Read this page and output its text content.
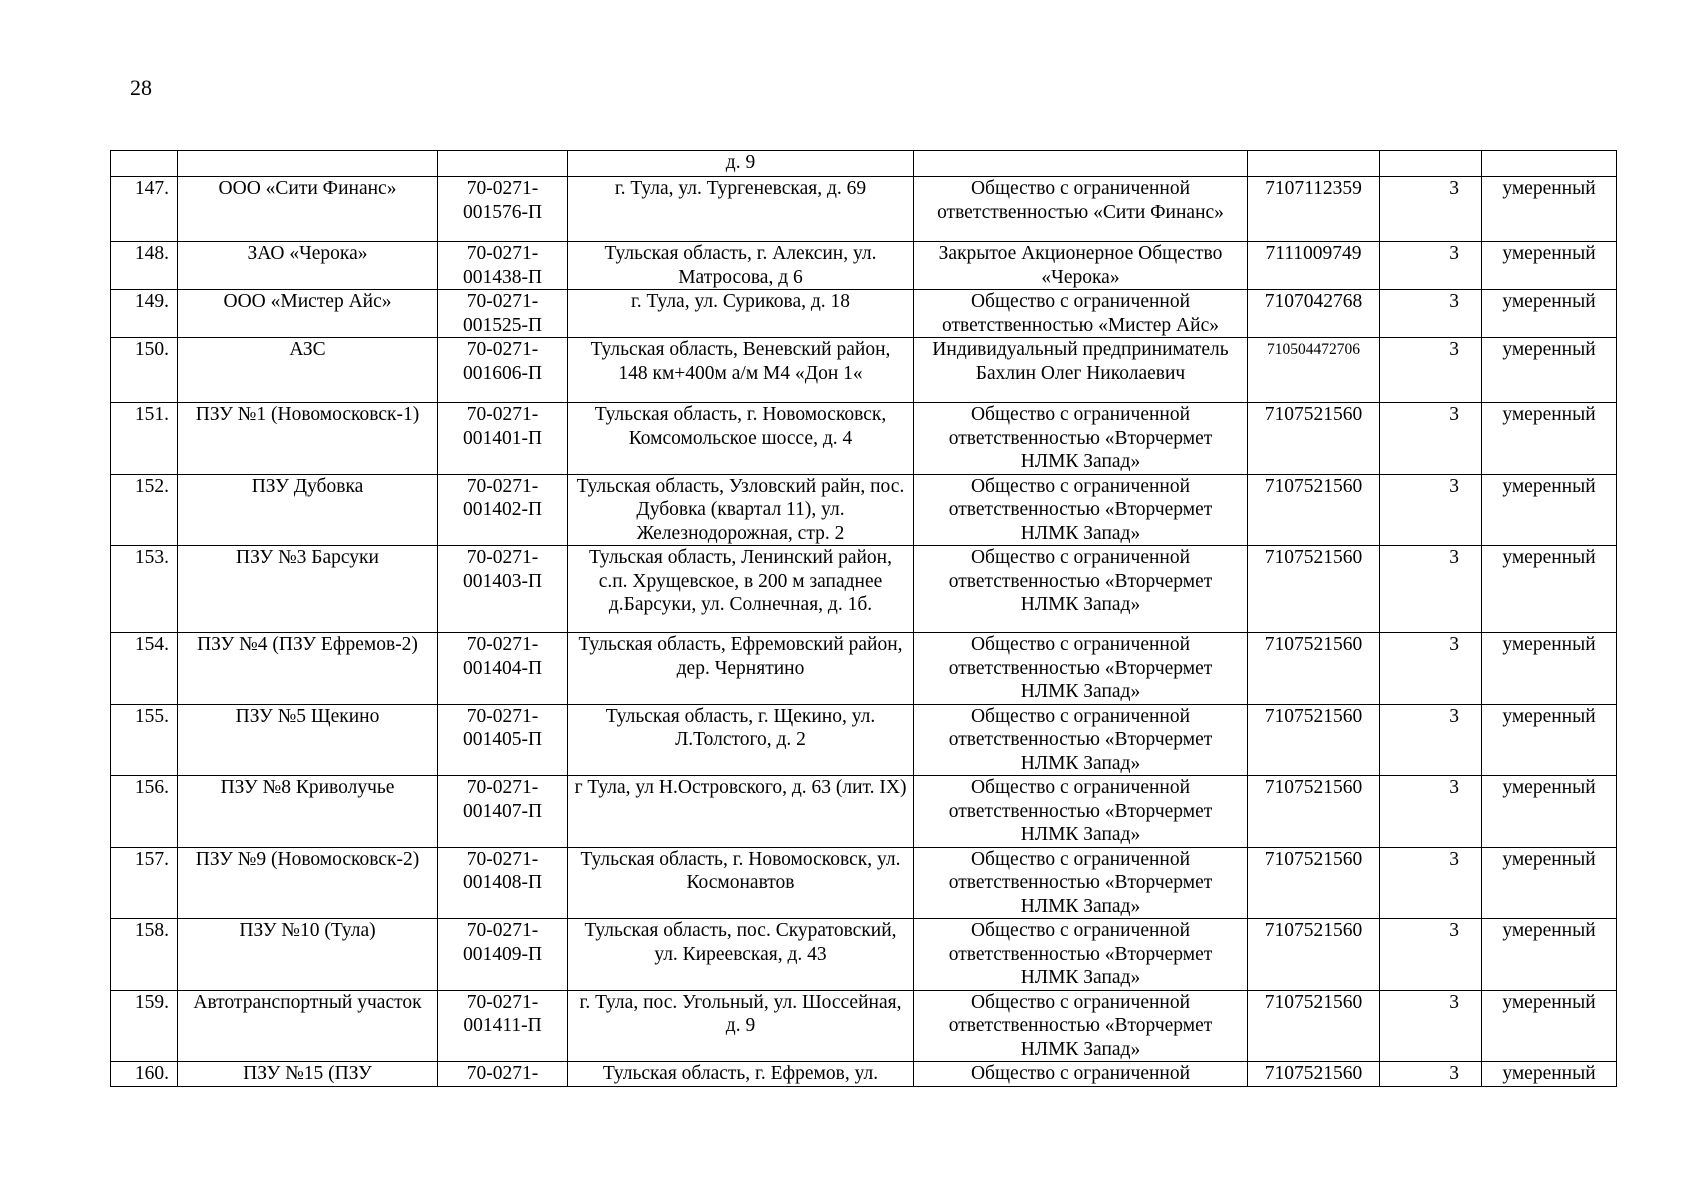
28
			д. 9				
147.	ООО «Сити Финанс»	70-0271-001576-П	г. Тула, ул. Тургеневская, д. 69	Общество с ограниченной ответственностью «Сити Финанс»	7107112359	3	умеренный
148.	ЗАО «Черока»	70-0271-001438-П	Тульская область, г. Алексин, ул. Матросова, д 6	Закрытое Акционерное Общество «Черока»	7111009749	3	умеренный
149.	ООО «Мистер Айс»	70-0271-001525-П	г. Тула, ул. Сурикова, д. 18	Общество с ограниченной ответственностью «Мистер Айс»	7107042768	3	умеренный
150.	АЗС	70-0271-001606-П	Тульская область, Веневский район, 148 км+400м а/м М4 «Дон 1«	Индивидуальный предприниматель Бахлин Олег Николаевич	710504472706	3	умеренный
151.	ПЗУ №1 (Новомосковск-1)	70-0271-001401-П	Тульская область, г. Новомосковск, Комсомольское шоссе, д. 4	Общество с ограниченной ответственностью «Вторчермет НЛМК Запад»	7107521560	3	умеренный
152.	ПЗУ Дубовка	70-0271-001402-П	Тульская область, Узловский райн, пос. Дубовка (квартал 11), ул. Железнодорожная, стр. 2	Общество с ограниченной ответственностью «Вторчермет НЛМК Запад»	7107521560	3	умеренный
153.	ПЗУ №3 Барсуки	70-0271-001403-П	Тульская область, Ленинский район, с.п. Хрущевское, в 200 м западнее д.Барсуки, ул. Солнечная, д. 1б.	Общество с ограниченной ответственностью «Вторчермет НЛМК Запад»	7107521560	3	умеренный
154.	ПЗУ №4 (ПЗУ Ефремов-2)	70-0271-001404-П	Тульская область, Ефремовский район, дер. Чернятино	Общество с ограниченной ответственностью «Вторчермет НЛМК Запад»	7107521560	3	умеренный
155.	ПЗУ №5 Щекино	70-0271-001405-П	Тульская область, г. Щекино, ул. Л.Толстого, д. 2	Общество с ограниченной ответственностью «Вторчермет НЛМК Запад»	7107521560	3	умеренный
156.	ПЗУ №8 Криволучье	70-0271-001407-П	г Тула, ул Н.Островского, д. 63 (лит. IX)	Общество с ограниченной ответственностью «Вторчермет НЛМК Запад»	7107521560	3	умеренный
157.	ПЗУ №9 (Новомосковск-2)	70-0271-001408-П	Тульская область, г. Новомосковск, ул. Космонавтов	Общество с ограниченной ответственностью «Вторчермет НЛМК Запад»	7107521560	3	умеренный
158.	ПЗУ №10 (Тула)	70-0271-001409-П	Тульская область, пос. Скуратовский, ул. Киреевская, д. 43	Общество с ограниченной ответственностью «Вторчермет НЛМК Запад»	7107521560	3	умеренный
159.	Автотранспортный участок	70-0271-001411-П	г. Тула, пос. Угольный, ул. Шоссейная, д. 9	Общество с ограниченной ответственностью «Вторчермет НЛМК Запад»	7107521560	3	умеренный
160.	ПЗУ №15 (ПЗУ	70-0271-	Тульская область, г. Ефремов, ул.	Общество с ограниченной	7107521560	3	умеренный
